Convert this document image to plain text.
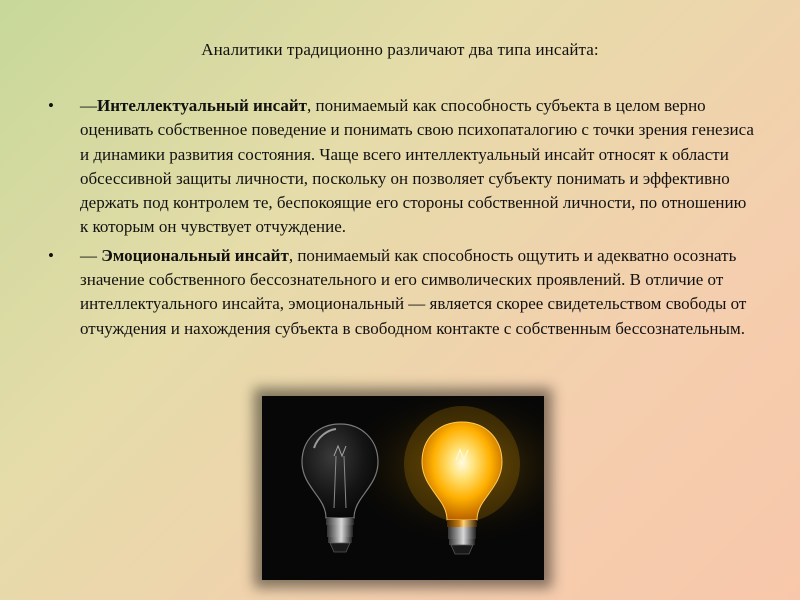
Аналитики традиционно различают два типа инсайта:
• —Интеллектуальный инсайт, понимаемый как способность субъекта в целом верно оценивать собственное поведение и понимать свою психопаталогию с точки зрения генезиса и динамики развития состояния. Чаще всего интеллектуальный инсайт относят к области обсессивной защиты личности, поскольку он позволяет субъекту понимать и эффективно держать под контролем те, беспокоящие его стороны собственной личности, по отношению к которым он чувствует отчуждение.
• — Эмоциональный инсайт, понимаемый как способность ощутить и адекватно осознать значение собственного бессознательного и его символических проявлений. В отличие от интеллектуального инсайта, эмоциональный — является скорее свидетельством свободы от отчуждения и нахождения субъекта в свободном контакте с собственным бессознательным.
